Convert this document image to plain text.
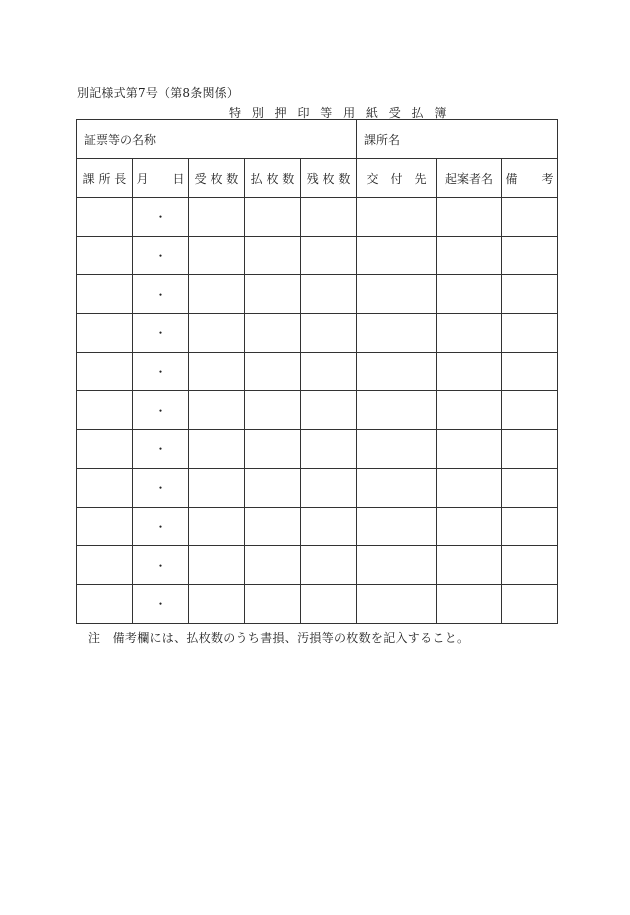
別記様式第7号（第8条関係）
特 別 押 印 等 用 紙 受 払 簿
証票等の名称					課所名		
課 所 長	月　　日	受 枚 数	払 枚 数	残 枚 数	交　付　先	起案者名	備　　考
	・						
	・						
	・						
	・						
	・						
	・						
	・						
	・						
	・						
	・						
	・						
注　備考欄には、払枚数のうち書損、汚損等の枚数を記入すること。
